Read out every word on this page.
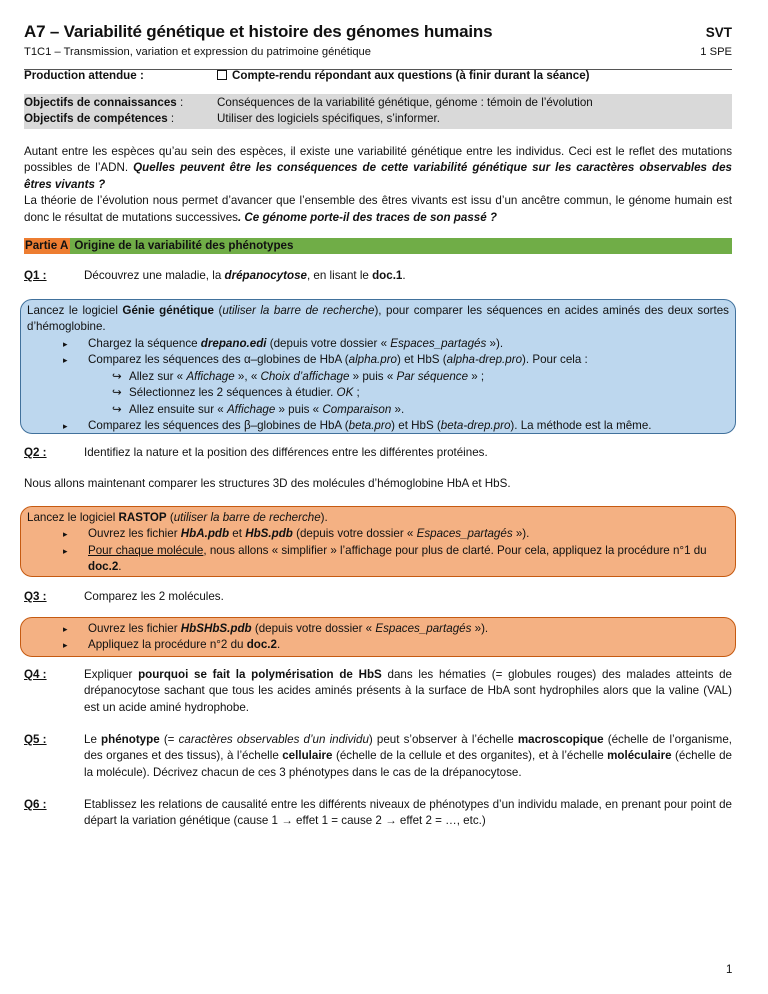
A7 – Variabilité génétique et histoire des génomes humains	SVT
T1C1 – Transmission, variation et expression du patrimoine génétique	1 SPE
Production attendue :	Compte-rendu répondant aux questions (à finir durant la séance)
Objectifs de connaissances :	Conséquences de la variabilité génétique, génome : témoin de l’évolution
Objectifs de compétences :	Utiliser des logiciels spécifiques, s’informer.

Autant entre les espèces qu’au sein des espèces, il existe une variabilité génétique entre les individus. Ceci est le reflet des mutations possibles de l’ADN. Quelles peuvent être les conséquences de cette variabilité génétique sur les caractères observables des êtres vivants ?

La théorie de l’évolution nous permet d’avancer que l’ensemble des êtres vivants est issu d’un ancêtre commun, le génome humain est donc le résultat de mutations successives. Ce génome porte-il des traces de son passé ?

Partie A Origine de la variabilité des phénotypes
Q1 :	Découvrez une maladie, la drépanocytose, en lisant le doc.1.
Lancez le logiciel Génie génétique (utiliser la barre de recherche), pour comparer les séquences en acides aminés des deux sortes d’hémoglobine.
▸	Chargez la séquence drepano.edi (depuis votre dossier « Espaces_partagés »).
▸	Comparez les séquences des α–globines de HbA (alpha.pro) et HbS (alpha-drep.pro). Pour cela :
↪ Allez sur « Affichage », « Choix d’affichage » puis « Par séquence » ;
↪ Sélectionnez les 2 séquences à étudier. OK ;
↪ Allez ensuite sur « Affichage » puis « Comparaison ».
▸	Comparez les séquences des β–globines de HbA (beta.pro) et HbS (beta-drep.pro). La méthode est la même.
Q2 :	Identifiez la nature et la position des différences entre les différentes protéines.
Nous allons maintenant comparer les structures 3D des molécules d’hémoglobine HbA et HbS.
Lancez le logiciel RASTOP (utiliser la barre de recherche).
▸	Ouvrez les fichier HbA.pdb et HbS.pdb (depuis votre dossier « Espaces_partagés »).
▸	Pour chaque molécule, nous allons « simplifier » l’affichage pour plus de clarté. Pour cela, appliquez la procédure n°1 du doc.2.
Q3 :	Comparez les 2 molécules.
▸	Ouvrez les fichier HbSHbS.pdb (depuis votre dossier « Espaces_partagés »).
▸	Appliquez la procédure n°2 du doc.2.
Q4 :	Expliquer pourquoi se fait la polymérisation de HbS dans les hématies (= globules rouges) des malades atteints de drépanocytose sachant que tous les acides aminés présents à la surface de HbA sont hydrophiles alors que la valine (VAL) est un acide aminé hydrophobe.
Q5 :	Le phénotype (= caractères observables d’un individu) peut s’observer à l’échelle macroscopique (échelle de l’organisme, des organes et des tissus), à l’échelle cellulaire (échelle de la cellule et des organites), et à l’échelle moléculaire (échelle de la molécule). Décrivez chacun de ces 3 phénotypes dans le cas de la drépanocytose.
Q6 :	Etablissez les relations de causalité entre les différents niveaux de phénotypes d’un individu malade, en prenant pour point de départ la variation génétique (cause 1 → effet 1 = cause 2 → effet 2 = …, etc.)
1
